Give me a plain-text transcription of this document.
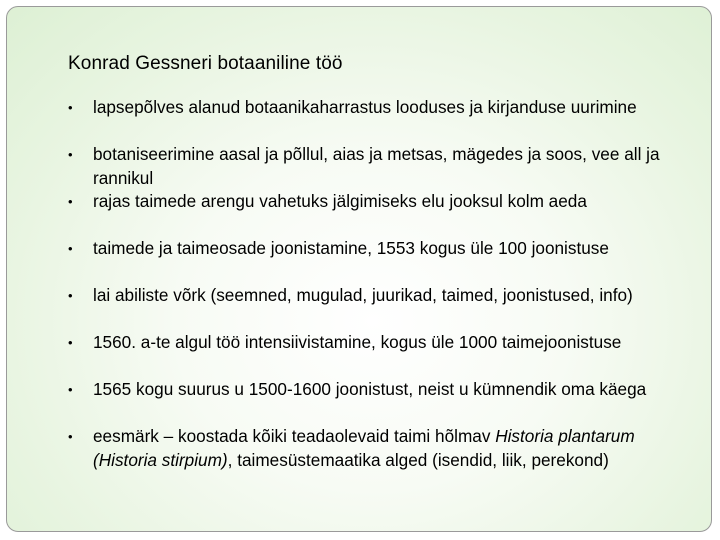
Konrad Gessneri botaaniline töö
•	lapsepõlves alanud botaanikaharrastus looduses ja kirjanduse uurimine
•	botaniseerimine aasal ja põllul, aias ja metsas, mägedes ja soos, vee all ja rannikul
•	rajas taimede arengu vahetuks jälgimiseks elu jooksul kolm aeda
•	taimede ja taimeosade joonistamine, 1553 kogus üle 100 joonistuse
•	lai abiliste võrk (seemned, mugulad, juurikad, taimed, joonistused, info)
•	1560. a-te algul töö intensiivistamine, kogus üle 1000 taimejoonistuse
•	1565 kogu suurus u 1500-1600 joonistust, neist u kümnendik oma käega
•	eesmärk – koostada kõiki teadaolevaid taimi hõlmav Historia plantarum (Historia stirpium), taimesüstemaatika alged (isendid, liik, perekond)
